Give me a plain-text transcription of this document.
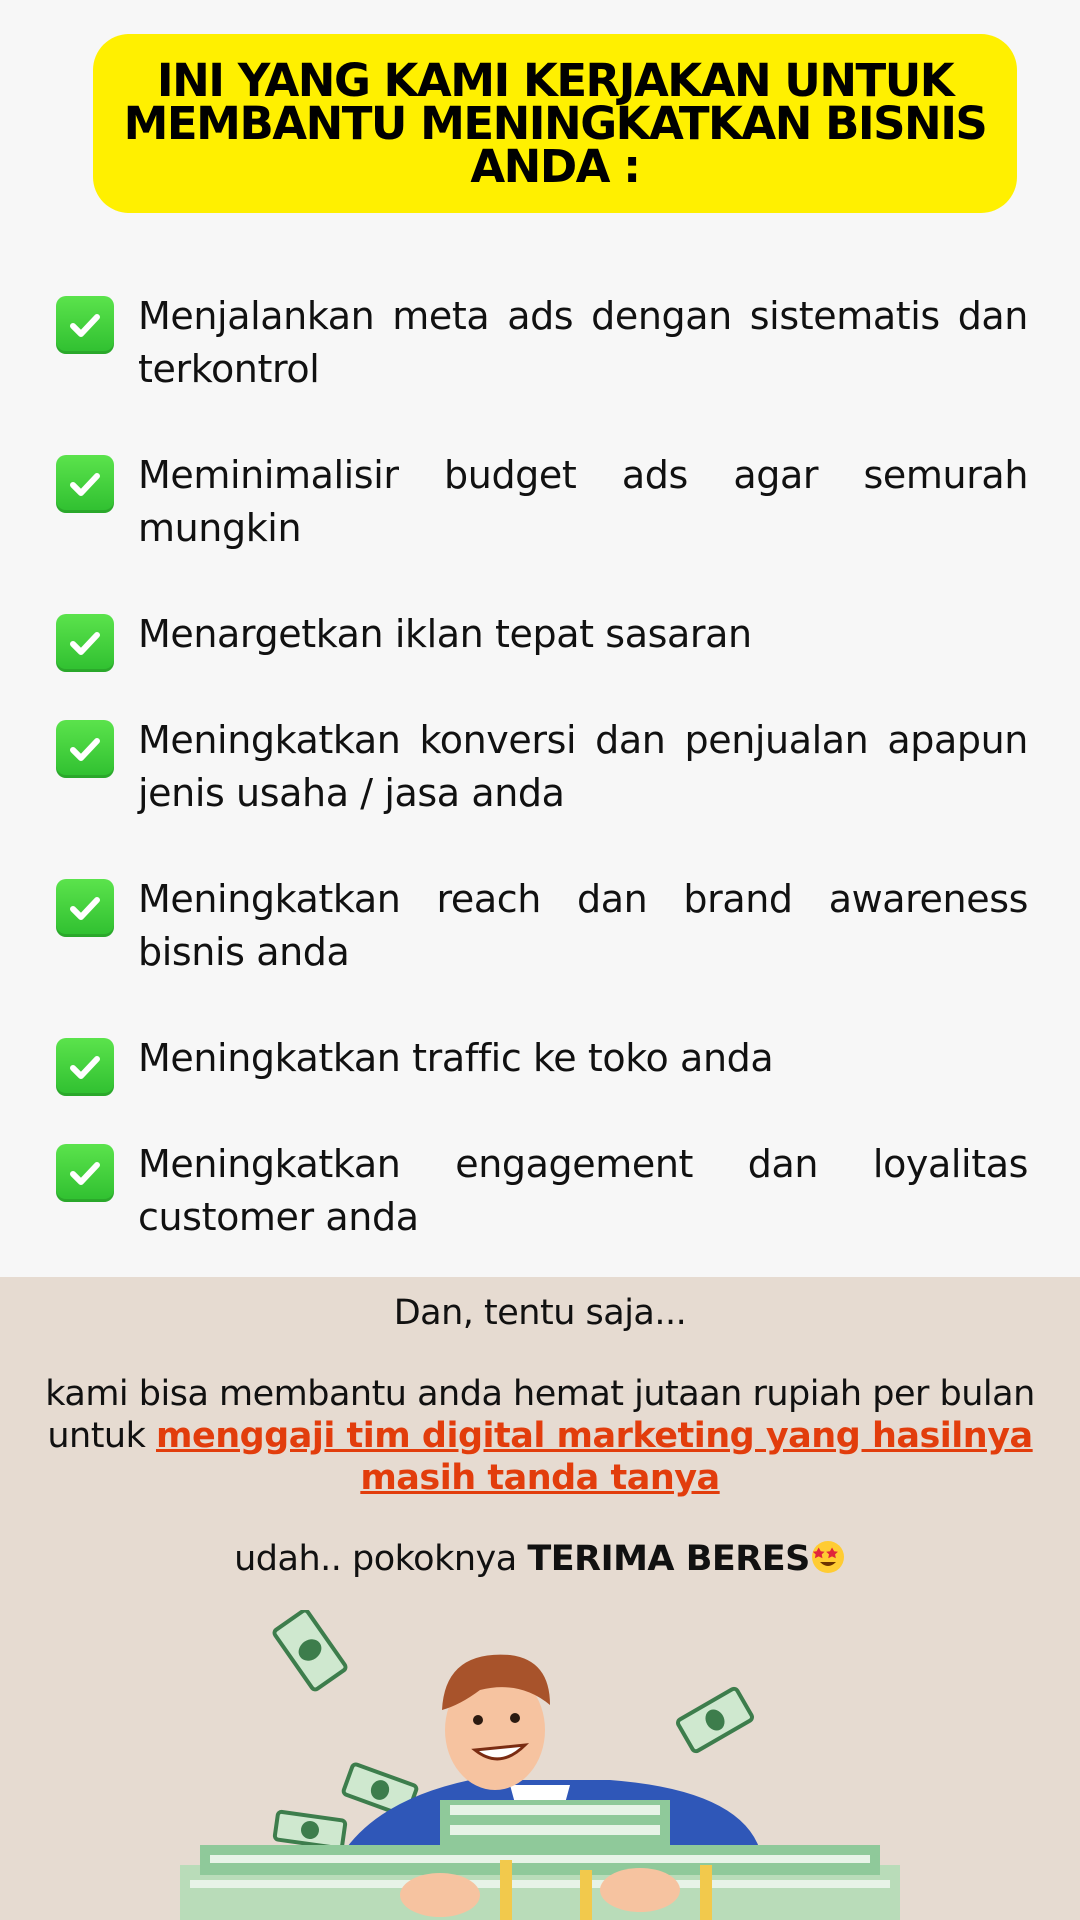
INI YANG KAMI KERJAKAN UNTUK MEMBANTU MENINGKATKAN BISNIS ANDA :
Menjalankan meta ads dengan sistematis dan terkontrol
Meminimalisir budget ads agar semurah mungkin
Menargetkan iklan tepat sasaran
Meningkatkan konversi dan penjualan apapun jenis usaha / jasa anda
Meningkatkan reach dan brand awareness bisnis anda
Meningkatkan traffic ke toko anda
Meningkatkan engagement dan loyalitas customer anda

Dan, tentu saja...

kami bisa membantu anda hemat jutaan rupiah per bulan
untuk menggaji tim digital marketing yang hasilnya masih tanda tanya

udah.. pokoknya TERIMA BERES
